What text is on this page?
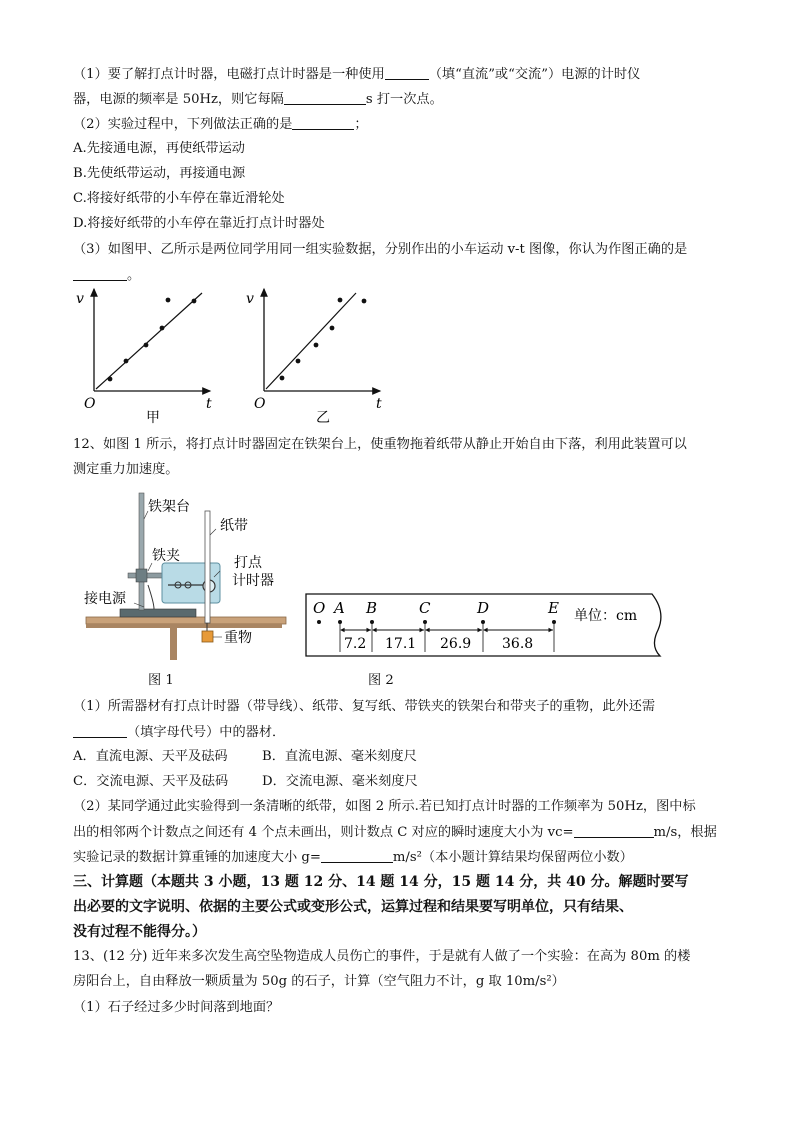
（1）要了解打点计时器，电磁打点计时器是一种使用	（填“直流”或“交流”）电源的计时仪
器，电源的频率是 50Hz，则它每隔	s 打一次点。
（2）实验过程中，下列做法正确的是	；
A.先接通电源，再使纸带运动
B.先使纸带运动，再接通电源
C.将接好纸带的小车停在靠近滑轮处
D.将接好纸带的小车停在靠近打点计时器处
（3）如图甲、乙所示是两位同学用同一组实验数据，分别作出的小车运动 v-t 图像，你认为作图正确的是
。
v
t
O
甲
v
t
O
乙
12、如图 1 所示，将打点计时器固定在铁架台上，使重物拖着纸带从静止开始自由下落，利用此装置可以
测定重力加速度。
铁架台
纸带
铁夹	打点
计时器
接电源
重物
图 1
O A B	C	D	E
7.2 17.1 26.9 36.8
单位：cm
图 2
（1）所需器材有打点计时器（带导线）、纸带、复写纸、带铁夹的铁架台和带夹子的重物，此外还需
（填字母代号）中的器材．
A．直流电源、天平及砝码	B．直流电源、毫米刻度尺
C．交流电源、天平及砝码	D．交流电源、毫米刻度尺
（2）某同学通过此实验得到一条清晰的纸带，如图 2 所示.若已知打点计时器的工作频率为 50Hz，图中标
出的相邻两个计数点之间还有 4 个点未画出，则计数点 C 对应的瞬时速度大小为 vc=	m/s，根据
实验记录的数据计算重锤的加速度大小 g=	m/s²（本小题计算结果均保留两位小数）
三、计算题（本题共 3 小题，13 题 12 分、14 题 14 分，15 题 14 分，共 40 分。解题时要写
出必要的文字说明、依据的主要公式或变形公式，运算过程和结果要写明单位，只有结果、
没有过程不能得分。）
13、(12 分) 近年来多次发生高空坠物造成人员伤亡的事件，于是就有人做了一个实验：在高为 80m 的楼
房阳台上，自由释放一颗质量为 50g 的石子，计算（空气阻力不计，g 取 10m/s²）
（1）石子经过多少时间落到地面？
